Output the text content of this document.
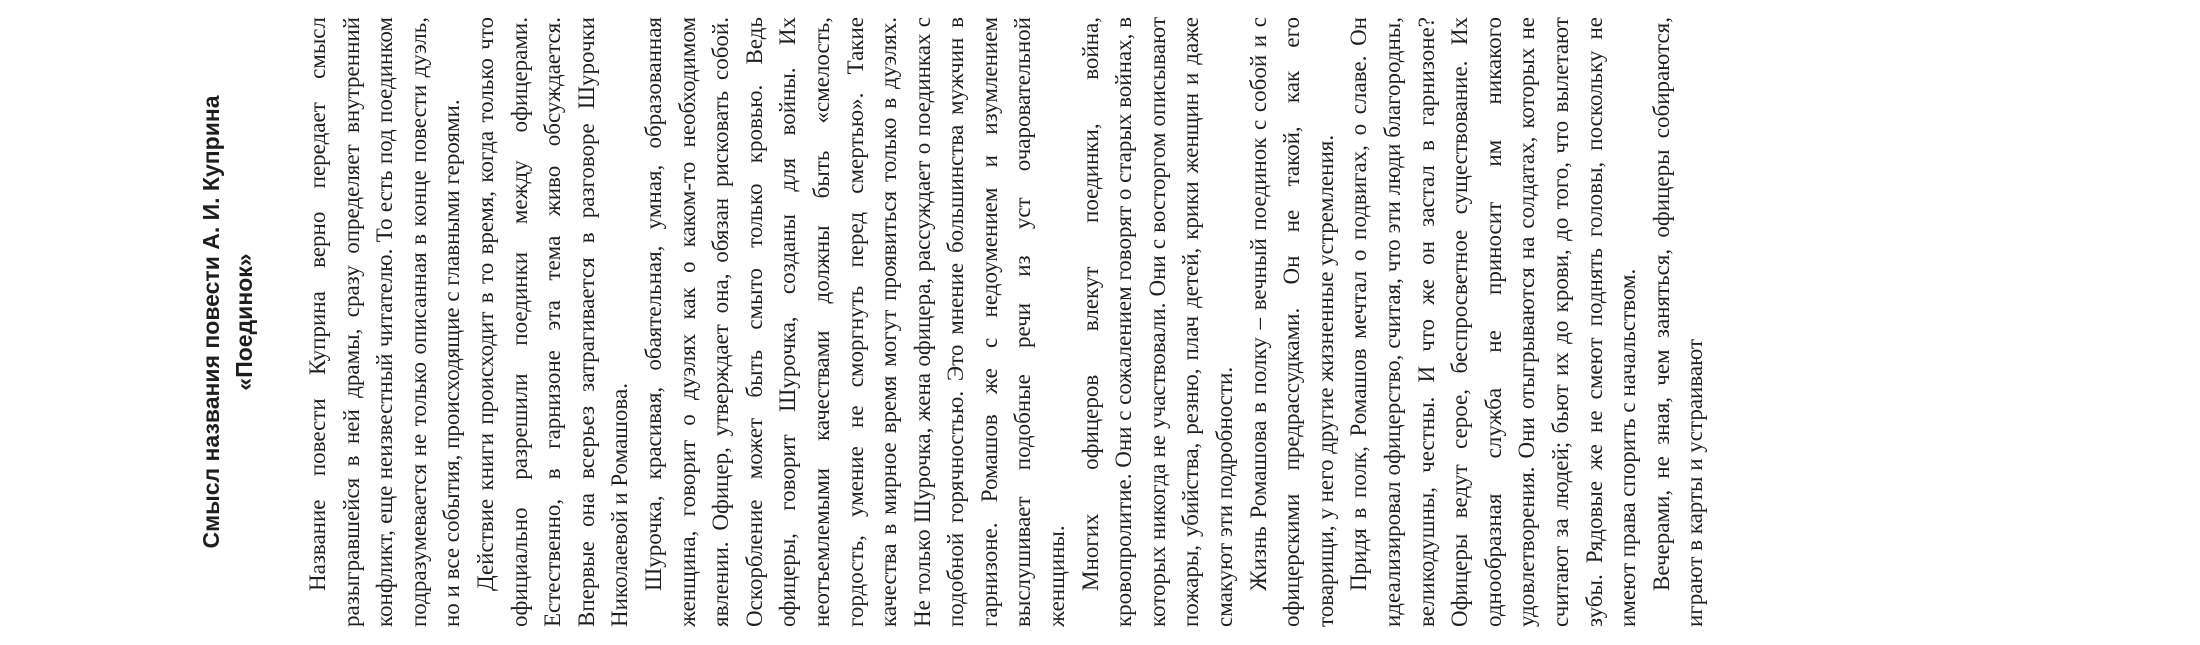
Смысл названия повести А. И. Куприна «Поединок» Название повести Куприна верно передает смысл разыгравшейся в ней драмы, сразу определяет внутренний конфликт, еще неизвестный читателю. То есть под поединком подразумевается не только описанная в конце повести дуэль, но и все события, происходящие с главными героями. Действие книги происходит в то время, когда только что официально разрешили поединки между офицерами. Естественно, в гарнизоне эта тема живо обсуждается. Впервые она всерьез затрагивается в разговоре Шурочки Николаевой и Ромашова. Шурочка, красивая, обаятельная, умная, образованная женщина, говорит о дуэлях как о каком-то необходимом явлении. Офицер, утверждает она, обязан рисковать собой. Оскорбление может быть смыто только кровью. Ведь офицеры, говорит Шурочка, созданы для войны. Их неотъемлемыми качествами должны быть «смелость, гордость, умение не сморгнуть перед смертью». Такие качества в мирное время могут проявиться только в дуэлях. Не только Шурочка, жена офицера, рассуждает о поединках с подобной горячностью. Это мнение большинства мужчин в гарнизоне. Ромашов же с недоумением и изумлением выслушивает подобные речи из уст очаровательной женщины. Многих офицеров влекут поединки, война, кровопролитие. Они с сожалением говорят о старых войнах, в которых никогда не участвовали. Они с восторгом описывают пожары, убийства, резню, плач детей, крики женщин и даже смакуют эти подробности. Жизнь Ромашова в полку – вечный поединок с собой и с офицерскими предрассудками. Он не такой, как его товарищи, у него другие жизненные устремления. Придя в полк, Ромашов мечтал о подвигах, о славе. Он идеализировал офицерство, считая, что эти люди благородны, великодушны, честны. И что же он застал в гарнизоне? Офицеры ведут серое, беспросветное существование. Их однообразная служба не приносит им никакого удовлетворения. Они отыгрываются на солдатах, которых не считают за людей; бьют их до крови, до того, что вылетают зубы. Рядовые же не смеют поднять головы, поскольку не имеют права спорить с начальством. Вечерами, не зная, чем заняться, офицеры собираются, играют в карты и устраивают
